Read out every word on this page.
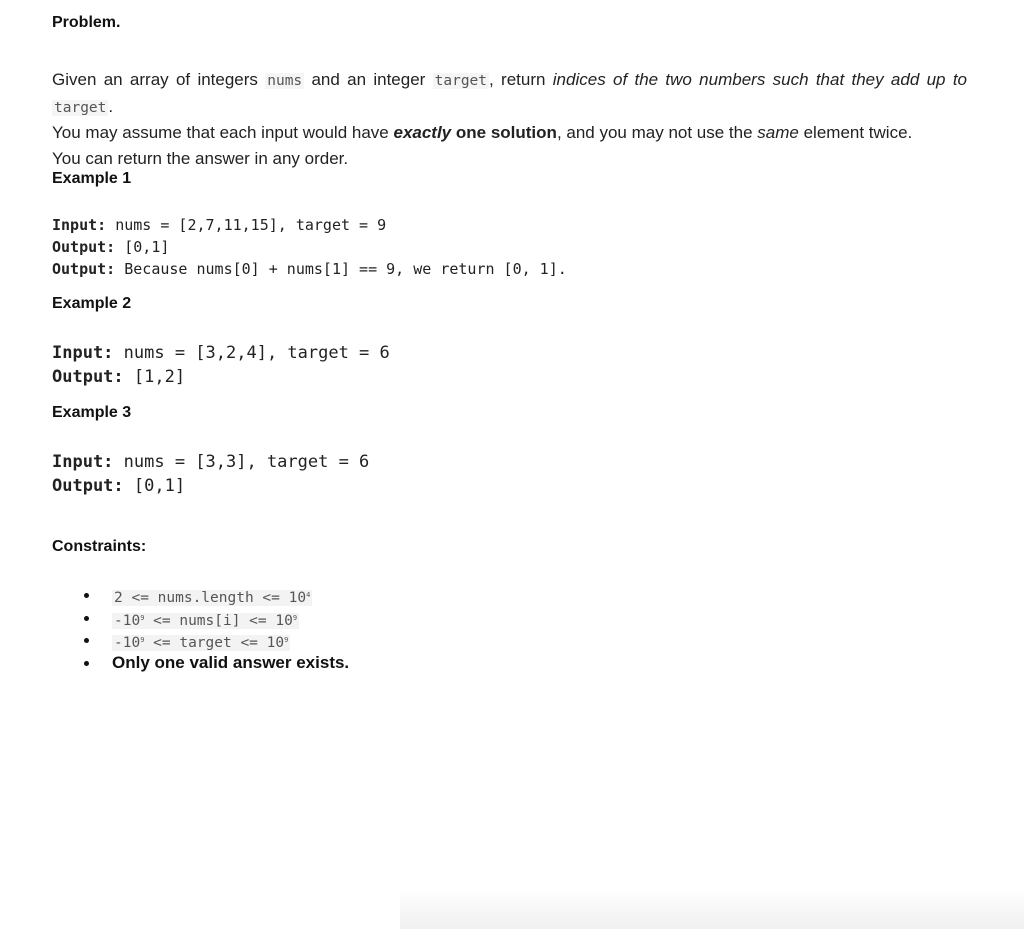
Problem.

Given an array of integers nums and an integer target , return indices of the two numbers such that they add up to target .

You may assume that each input would have exactly one solution, and you may not use the same element twice.
You can return the answer in any order.

Example 1
Input: nums = [2,7,11,15], target = 9
Output: [0,1]
Output: Because nums[0] + nums[1] == 9, we return [0, 1].
Example 2
Input: nums = [3,2,4], target = 6
Output: [1,2]
Example 3
Input: nums = [3,3], target = 6
Output: [0,1]
Constraints:
2 <= nums.length <= $10^4$
$-10^9$ <= nums[i] <= $10^9$
$-10^9$ <= target <= $10^9$
Only one valid answer exists.
